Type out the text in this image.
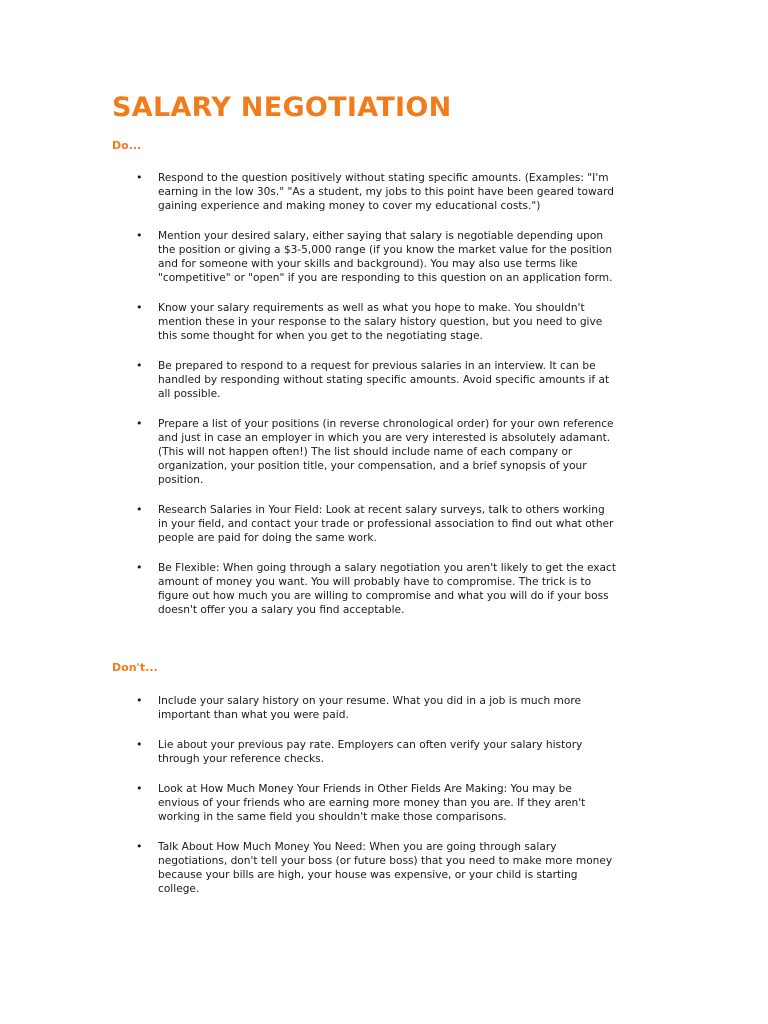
SALARY NEGOTIATION

Do...

• Respond to the question positively without stating specific amounts. (Examples: "I'm
earning in the low 30s." "As a student, my jobs to this point have been geared toward
gaining experience and making money to cover my educational costs.")
• Mention your desired salary, either saying that salary is negotiable depending upon
the position or giving a $3-5,000 range (if you know the market value for the position
and for someone with your skills and background). You may also use terms like
"competitive" or "open" if you are responding to this question on an application form.
• Know your salary requirements as well as what you hope to make. You shouldn't
mention these in your response to the salary history question, but you need to give
this some thought for when you get to the negotiating stage.
• Be prepared to respond to a request for previous salaries in an interview. It can be
handled by responding without stating specific amounts. Avoid specific amounts if at
all possible.
• Prepare a list of your positions (in reverse chronological order) for your own reference
and just in case an employer in which you are very interested is absolutely adamant.
(This will not happen often!) The list should include name of each company or
organization, your position title, your compensation, and a brief synopsis of your
position.
• Research Salaries in Your Field: Look at recent salary surveys, talk to others working
in your field, and contact your trade or professional association to find out what other
people are paid for doing the same work.
• Be Flexible: When going through a salary negotiation you aren't likely to get the exact
amount of money you want. You will probably have to compromise. The trick is to
figure out how much you are willing to compromise and what you will do if your boss
doesn't offer you a salary you find acceptable.

Don't...

• Include your salary history on your resume. What you did in a job is much more
important than what you were paid.
• Lie about your previous pay rate. Employers can often verify your salary history
through your reference checks.
• Look at How Much Money Your Friends in Other Fields Are Making: You may be
envious of your friends who are earning more money than you are. If they aren't
working in the same field you shouldn't make those comparisons.
• Talk About How Much Money You Need: When you are going through salary
negotiations, don't tell your boss (or future boss) that you need to make more money
because your bills are high, your house was expensive, or your child is starting
college.
